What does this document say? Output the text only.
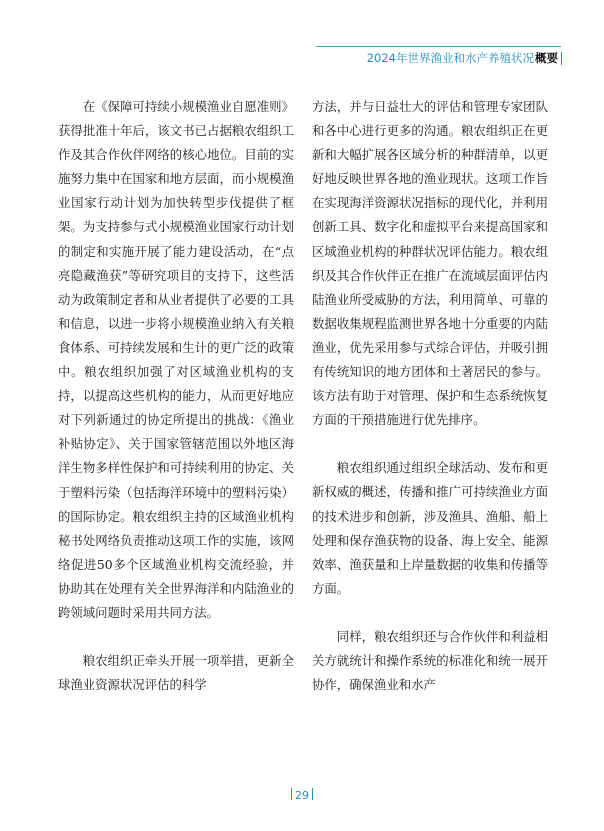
2024年世界渔业和水产养殖状况 概要

在《保障可持续小规模渔业自愿准则》获得批准十年后，该文书已占据粮农组织工作及其合作伙伴网络的核心地位。目前的实施努力集中在国家和地方层面，而小规模渔业国家行动计划为加快转型步伐提供了框架。为支持参与式小规模渔业国家行动计划的制定和实施开展了能力建设活动，在“点亮隐藏渔获”等研究项目的支持下，这些活动为政策制定者和从业者提供了必要的工具和信息，以进一步将小规模渔业纳入有关粮食体系、可持续发展和生计的更广泛的政策中。粮农组织加强了对区域渔业机构的支持，以提高这些机构的能力，从而更好地应对下列新通过的协定所提出的挑战：《渔业补贴协定》、关于国家管辖范围以外地区海洋生物多样性保护和可持续利用的协定、关于塑料污染（包括海洋环境中的塑料污染）的国际协定。粮农组织主持的区域渔业机构秘书处网络负责推动这项工作的实施，该网络促进50多个区域渔业机构交流经验，并协助其在处理有关全世界海洋和内陆渔业的跨领域问题时采用共同方法。

粮农组织正牵头开展一项举措，更新全球渔业资源状况评估的科学

方法，并与日益壮大的评估和管理专家团队和各中心进行更多的沟通。粮农组织正在更新和大幅扩展各区域分析的种群清单，以更好地反映世界各地的渔业现状。这项工作旨在实现海洋资源状况指标的现代化，并利用创新工具、数字化和虚拟平台来提高国家和区域渔业机构的种群状况评估能力。粮农组织及其合作伙伴正在推广在流域层面评估内陆渔业所受威胁的方法，利用简单、可靠的数据收集规程监测世界各地十分重要的内陆渔业，优先采用参与式综合评估，并吸引拥有传统知识的地方团体和土著居民的参与。该方法有助于对管理、保护和生态系统恢复方面的干预措施进行优先排序。

粮农组织通过组织全球活动、发布和更新权威的概述，传播和推广可持续渔业方面的技术进步和创新，涉及渔具、渔船、船上处理和保存渔获物的设备、海上安全、能源效率、渔获量和上岸量数据的收集和传播等方面。

同样，粮农组织还与合作伙伴和利益相关方就统计和操作系统的标准化和统一展开协作，确保渔业和水产

29
